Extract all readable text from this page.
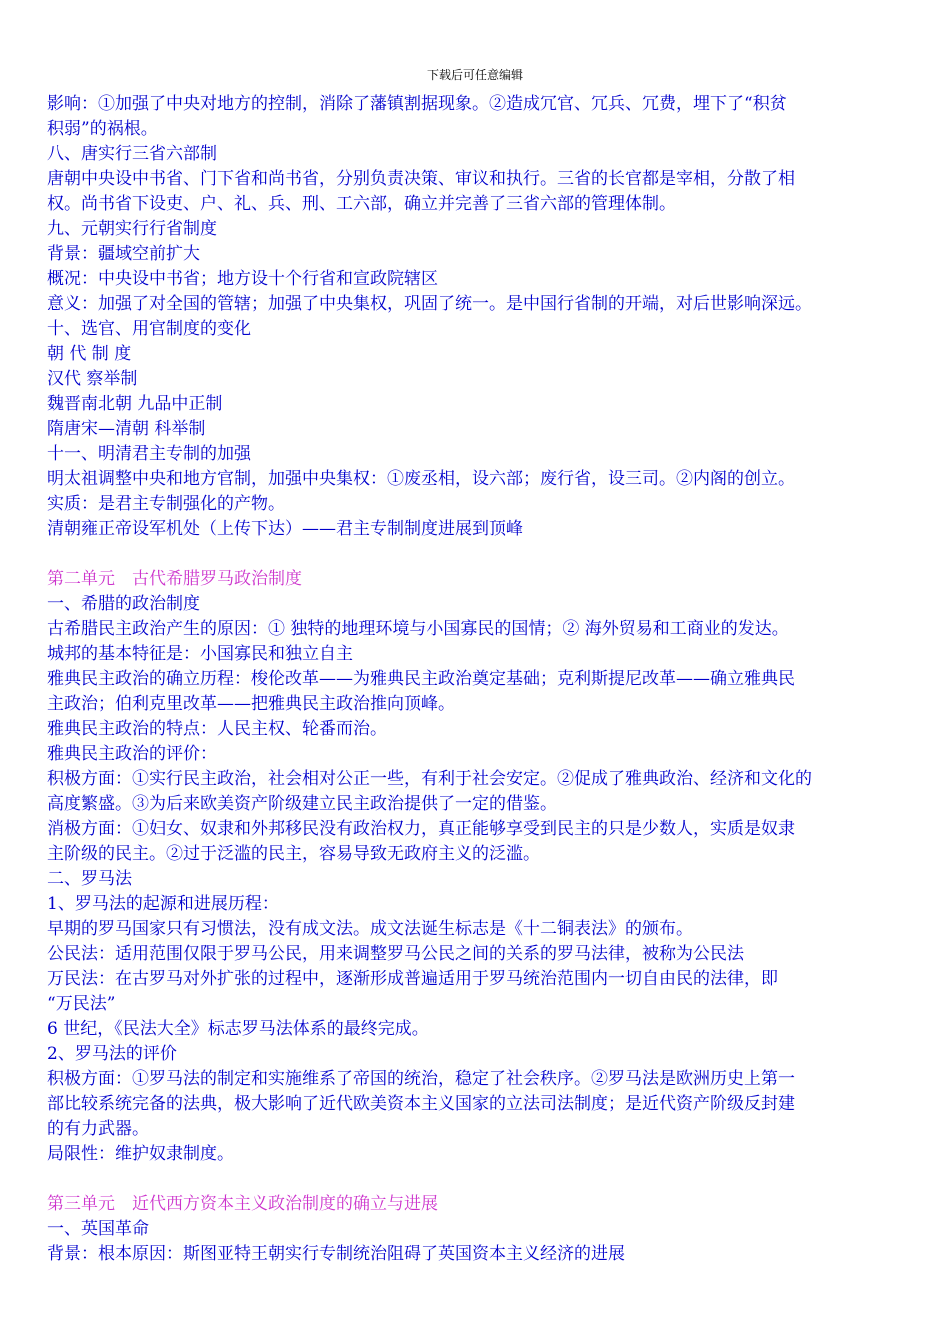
下载后可任意编辑
影响：①加强了中央对地方的控制，消除了藩镇割据现象。②造成冗官、冗兵、冗费，埋下了“积贫
积弱”的祸根。
八、唐实行三省六部制
唐朝中央设中书省、门下省和尚书省，分别负责决策、审议和执行。三省的长官都是宰相，分散了相
权。尚书省下设吏、户、礼、兵、刑、工六部，确立并完善了三省六部的管理体制。
九、元朝实行行省制度
背景：疆域空前扩大
概况：中央设中书省；地方设十个行省和宣政院辖区
意义：加强了对全国的管辖；加强了中央集权，巩固了统一。是中国行省制的开端，对后世影响深远。
十、选官、用官制度的变化
朝 代 制 度
汉代 察举制
魏晋南北朝 九品中正制
隋唐宋—清朝 科举制
十一、明清君主专制的加强
明太祖调整中央和地方官制，加强中央集权：①废丞相，设六部；废行省，设三司。②内阁的创立。
实质：是君主专制强化的产物。
清朝雍正帝设军机处（上传下达）——君主专制制度进展到顶峰
第二单元　古代希腊罗马政治制度
一、希腊的政治制度
古希腊民主政治产生的原因：① 独特的地理环境与小国寡民的国情；② 海外贸易和工商业的发达。
城邦的基本特征是：小国寡民和独立自主
雅典民主政治的确立历程：梭伦改革——为雅典民主政治奠定基础；克利斯提尼改革——确立雅典民
主政治；伯利克里改革——把雅典民主政治推向顶峰。
雅典民主政治的特点：人民主权、轮番而治。
雅典民主政治的评价：
积极方面：①实行民主政治，社会相对公正一些，有利于社会安定。②促成了雅典政治、经济和文化的
高度繁盛。③为后来欧美资产阶级建立民主政治提供了一定的借鉴。
消极方面：①妇女、奴隶和外邦移民没有政治权力，真正能够享受到民主的只是少数人，实质是奴隶
主阶级的民主。②过于泛滥的民主，容易导致无政府主义的泛滥。
二、罗马法
1、罗马法的起源和进展历程：
早期的罗马国家只有习惯法，没有成文法。成文法诞生标志是《十二铜表法》的颁布。
公民法：适用范围仅限于罗马公民，用来调整罗马公民之间的关系的罗马法律，被称为公民法
万民法：在古罗马对外扩张的过程中，逐渐形成普遍适用于罗马统治范围内一切自由民的法律，即
“万民法”
6 世纪，《民法大全》标志罗马法体系的最终完成。
2、罗马法的评价
积极方面：①罗马法的制定和实施维系了帝国的统治，稳定了社会秩序。②罗马法是欧洲历史上第一
部比较系统完备的法典，极大影响了近代欧美资本主义国家的立法司法制度；是近代资产阶级反封建
的有力武器。
局限性：维护奴隶制度。
第三单元　近代西方资本主义政治制度的确立与进展
一、英国革命
背景：根本原因：斯图亚特王朝实行专制统治阻碍了英国资本主义经济的进展
